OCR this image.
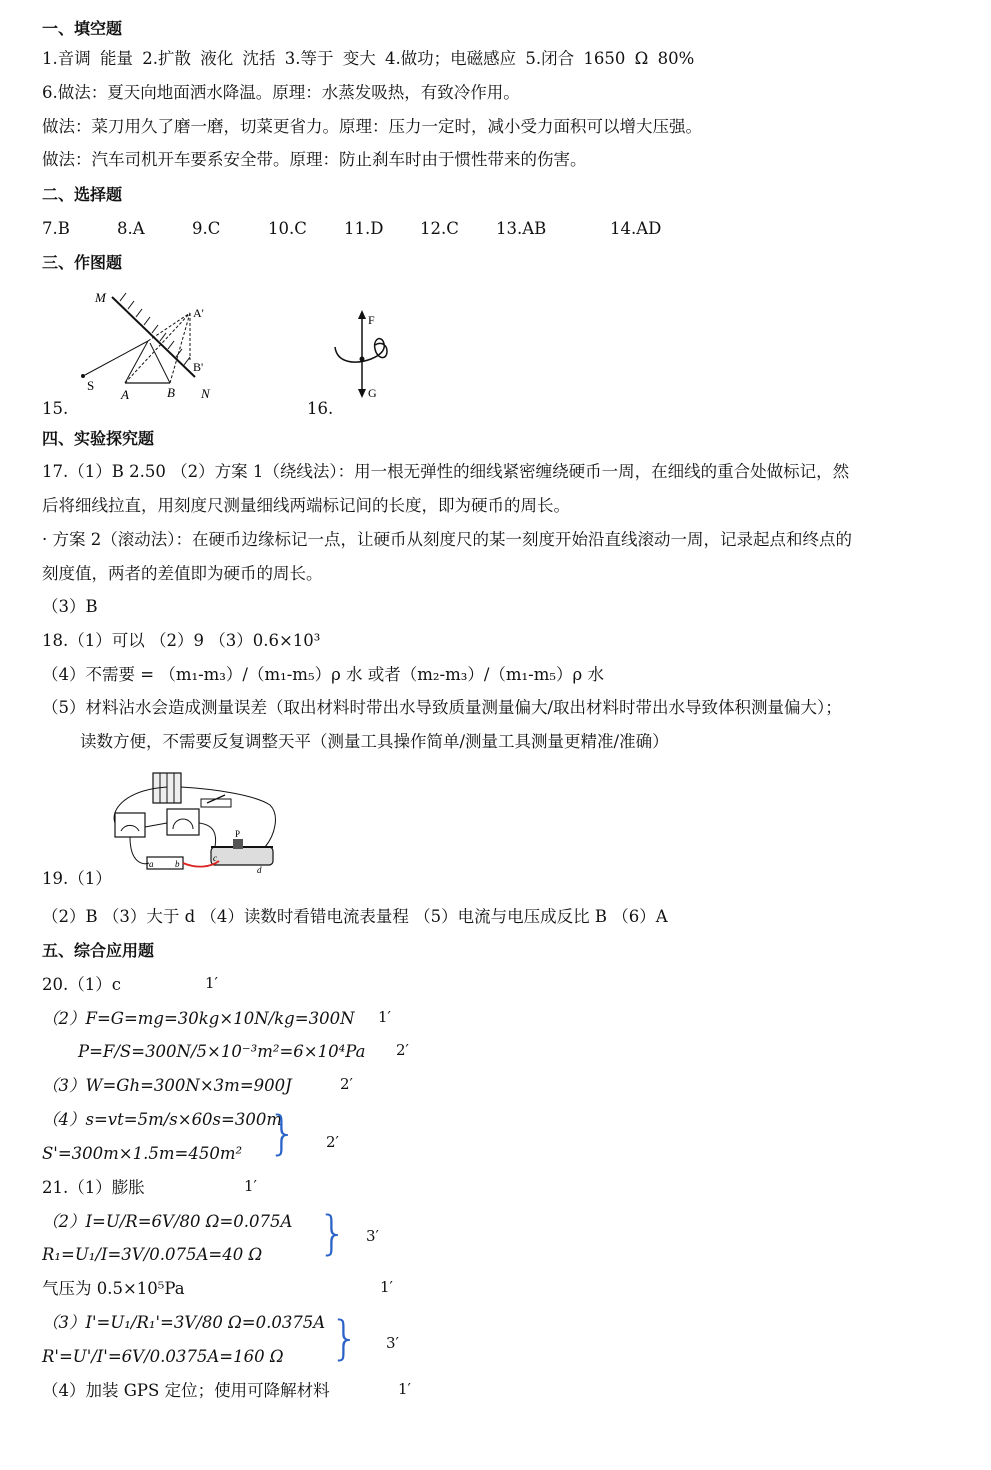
一、填空题
1.音调 能量 2.扩散 液化 沈括 3.等于 变大 4.做功；电磁感应 5.闭合 1650 Ω 80%
6.做法：夏天向地面洒水降温。原理：水蒸发吸热，有致冷作用。
做法：菜刀用久了磨一磨，切菜更省力。原理：压力一定时，减小受力面积可以增大压强。
做法：汽车司机开车要系安全带。原理：防止刹车时由于惯性带来的伤害。
二、选择题
7.B	8.A	9.C	10.C 11.D 12.C 13.AB	14.AD
三、作图题
M
N
S
A	B
A'
B'
15.
F
G
16.
四、实验探究题
17.（1）B 2.50 （2）方案 1（绕线法）：用一根无弹性的细线紧密缠绕硬币一周，在细线的重合处做标记，然
后将细线拉直，用刻度尺测量细线两端标记间的长度，即为硬币的周长。
· 方案 2（滚动法）：在硬币边缘标记一点，让硬币从刻度尺的某一刻度开始沿直线滚动一周，记录起点和终点的
刻度值，两者的差值即为硬币的周长。
（3）B
18.（1）可以 （2）9 （3）0.6×10³
（4）不需要 = （m₁-m₃）/（m₁-m₅）ρ 水 或者（m₂-m₃）/（m₁-m₅）ρ 水
（5）材料沾水会造成测量误差（取出材料时带出水导致质量测量偏大/取出材料时带出水导致体积测量偏大）；
读数方便，不需要反复调整天平（测量工具操作简单/测量工具测量更精准/准确）
P
a b
c
d
19.（1）
（2）B （3）大于 d （4）读数时看错电流表量程 （5）电流与电压成反比 B （6）A
五、综合应用题
20.（1）c	1′
（2）F=G=mg=30kg×10N/kg=300N 1′
P=F/S=300N/5×10⁻³m²=6×10⁴Pa 2′
（3）W=Gh=300N×3m=900J	2′
（4）s=vt=5m/s×60s=300m
S'=300m×1.5m=450m² } 2′
21.（1）膨胀	1′
（2）I=U/R=6V/80 Ω=0.075A
R₁=U₁/I=3V/0.075A=40 Ω } 3′
气压为 0.5×10⁵Pa	1′
（3）I'=U₁/R₁'=3V/80 Ω=0.0375A
R'=U'/I'=6V/0.0375A=160 Ω } 3′
（4）加装 GPS 定位；使用可降解材料	1′
